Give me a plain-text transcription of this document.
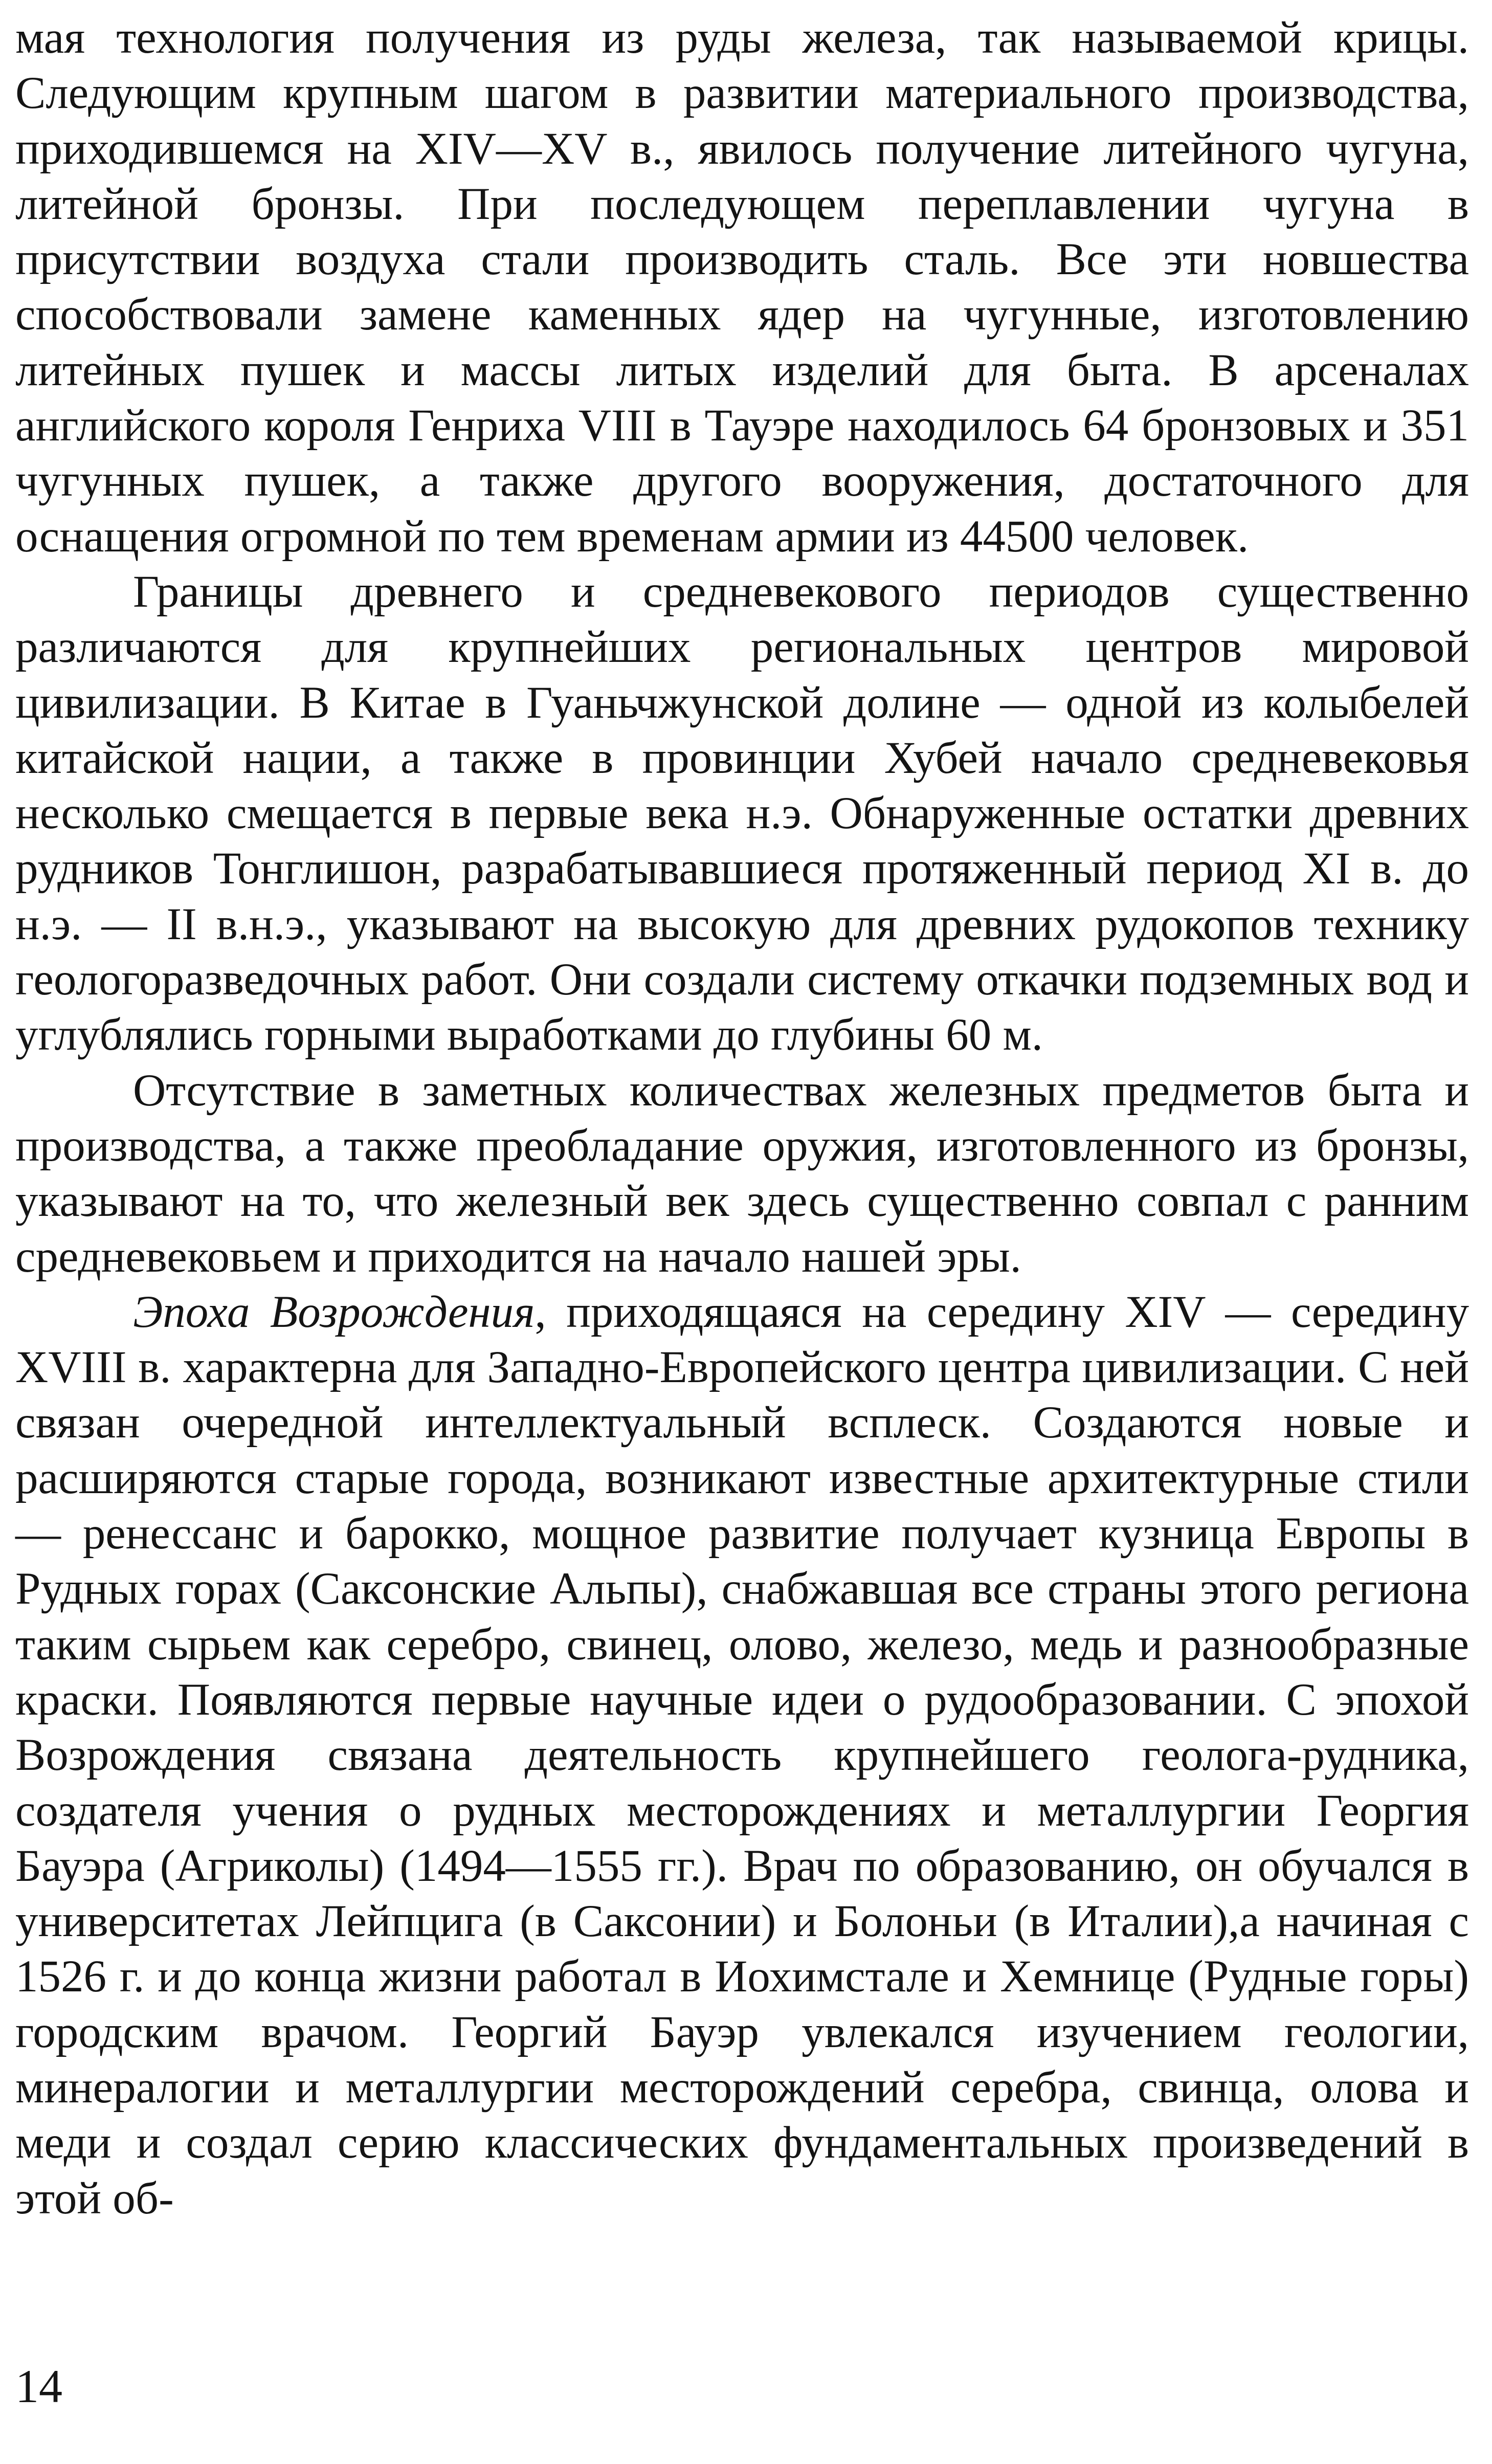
мая технология получения из руды железа, так называемой крицы. Следующим крупным шагом в развитии материального производства, приходившемся на XIV—XV в., явилось получение литейного чугуна, литейной бронзы. При последующем переплавлении чугуна в присутствии воздуха стали производить сталь. Все эти новшества способствовали замене каменных ядер на чугунные, изготовлению литейных пушек и массы литых изделий для быта. В арсеналах английского короля Генриха VIII в Тауэре находилось 64 бронзовых и 351 чугунных пушек, а также другого вооружения, достаточного для оснащения огромной по тем временам армии из 44500 человек.

Границы древнего и средневекового периодов существенно различаются для крупнейших региональных центров мировой цивилизации. В Китае в Гуаньчжунской долине — одной из колыбелей китайской нации, а также в провинции Хубей начало средневековья несколько смещается в первые века н.э. Обнаруженные остатки древних рудников Тонглишон, разрабатывавшиеся протяженный период XI в. до н.э. — II в.н.э., указывают на высокую для древних рудокопов технику геологоразведочных работ. Они создали систему откачки подземных вод и углублялись горными выработками до глубины 60 м.

Отсутствие в заметных количествах железных предметов быта и производства, а также преобладание оружия, изготовленного из бронзы, указывают на то, что железный век здесь существенно совпал с ранним средневековьем и приходится на начало нашей эры.

Эпоха Возрождения, приходящаяся на середину XIV — середину XVIII в. характерна для Западно-Европейского центра цивилизации. С ней связан очередной интеллектуальный всплеск. Создаются новые и расширяются старые города, возникают известные архитектурные стили — ренессанс и барокко, мощное развитие получает кузница Европы в Рудных горах (Саксонские Альпы), снабжавшая все страны этого региона таким сырьем как серебро, свинец, олово, железо, медь и разнообразные краски. Появляются первые научные идеи о рудообразовании. С эпохой Возрождения связана деятельность крупнейшего геолога-рудника, создателя учения о рудных месторождениях и металлургии Георгия Бауэра (Агриколы) (1494—1555 гг.). Врач по образованию, он обучался в университетах Лейпцига (в Саксонии) и Болоньи (в Италии),а начиная с 1526 г. и до конца жизни работал в Иохимстале и Хемнице (Рудные горы) городским врачом. Георгий Бауэр увлекался изучением геологии, минералогии и металлургии месторождений серебра, свинца, олова и меди и создал серию классических фундаментальных произведений в этой об-

14
